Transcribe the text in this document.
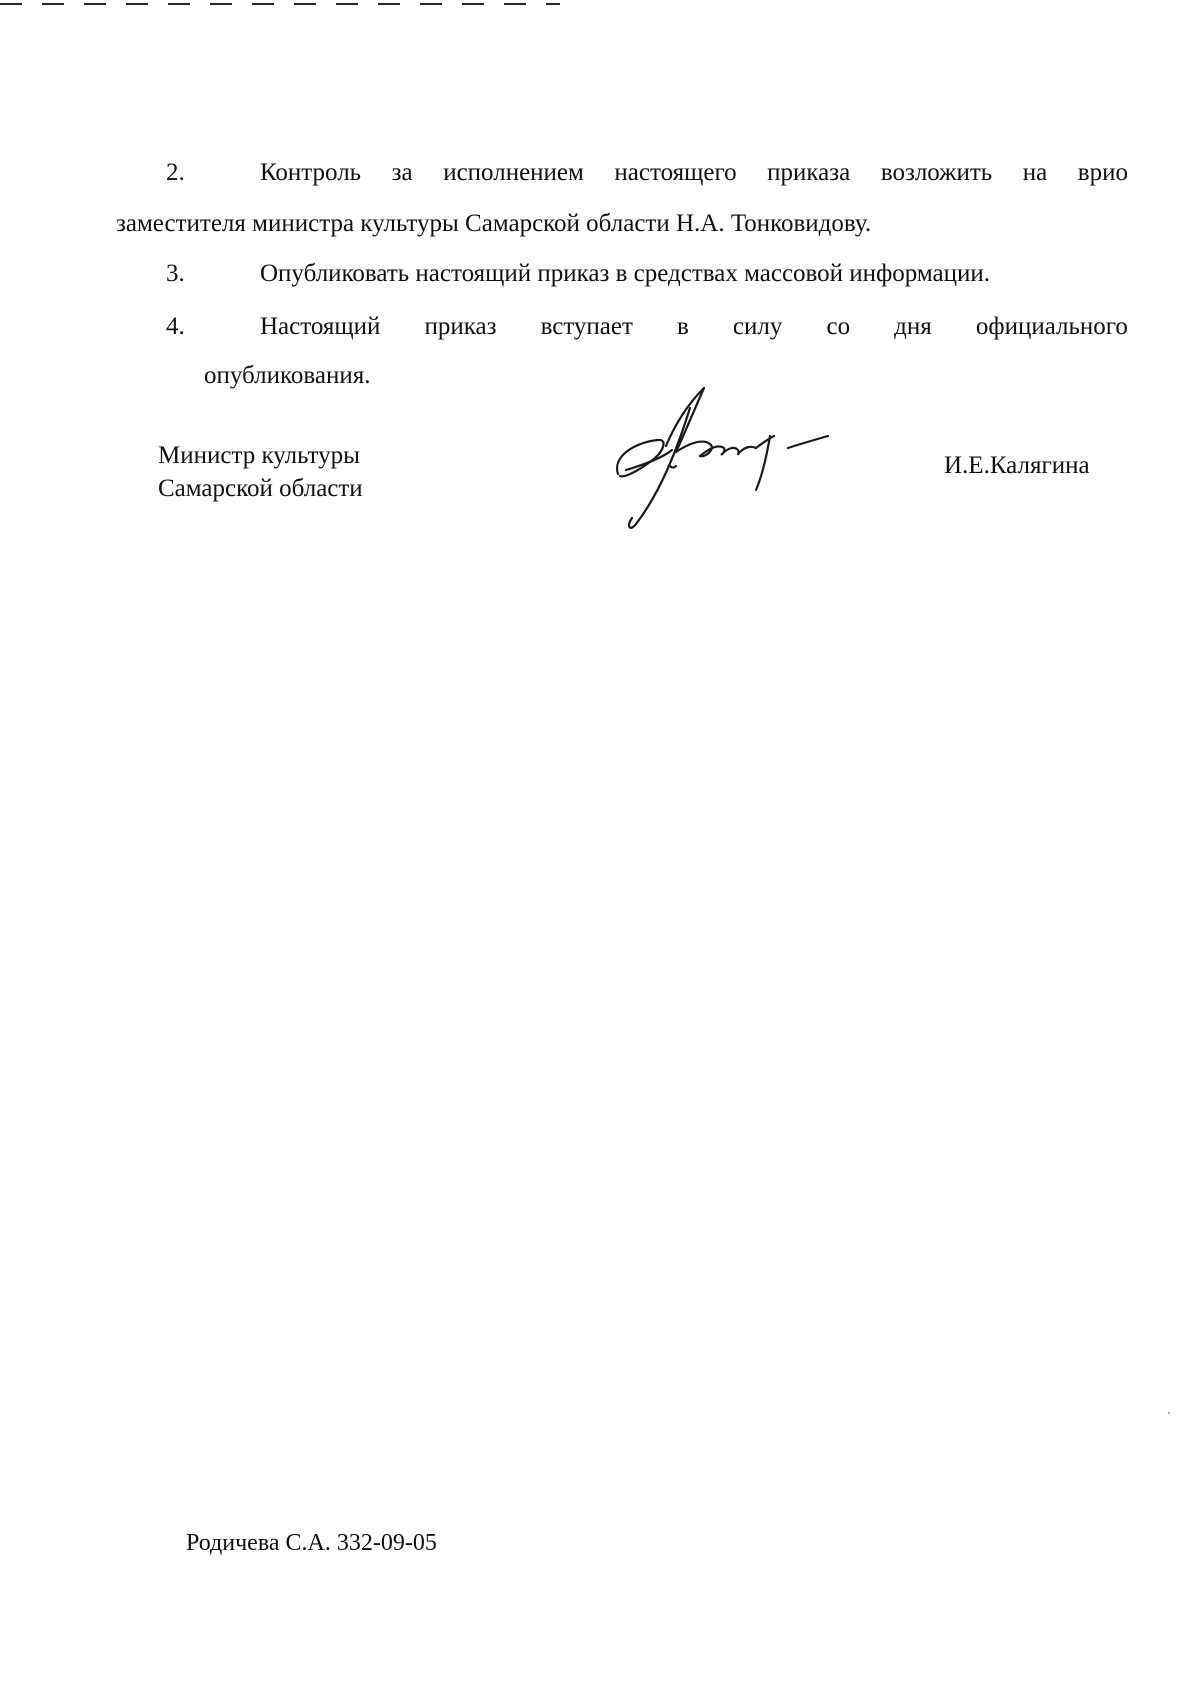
2.	Контроль за исполнением настоящего приказа возложить на врио
заместителя министра культуры Самарской области Н.А. Тонковидову.
3.	Опубликовать настоящий приказ в средствах массовой информации.
4.	Настоящий приказ вступает в силу со дня официального
опубликования.
Министр культуры
Самарской области
И.Е.Калягина
Родичева С.А. 332-09-05
